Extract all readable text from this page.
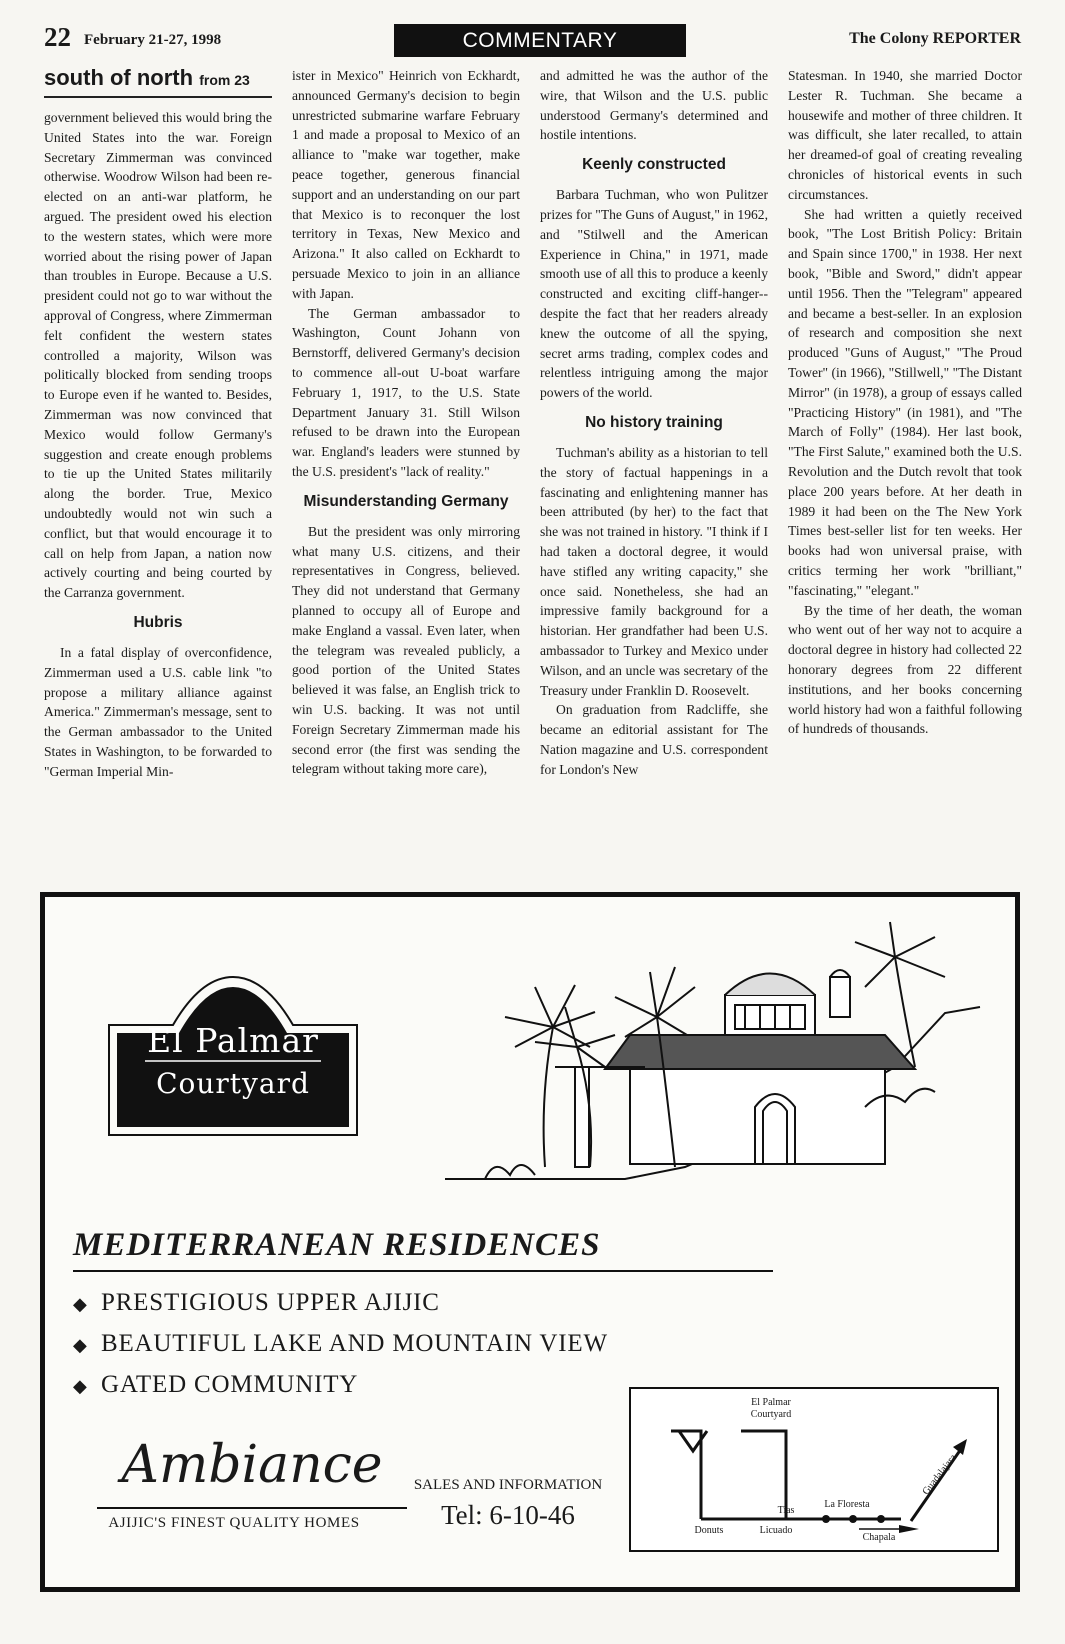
22 February 21-27, 1998	COMMENTARY	The Colony REPORTER
south of north from 23

government believed this would bring the United States into the war. Foreign Secretary Zimmerman was convinced otherwise. Woodrow Wilson had been re-elected on an anti-war platform, he argued. The president owed his election to the western states, which were more worried about the rising power of Japan than troubles in Europe. Because a U.S. president could not go to war without the approval of Congress, where Zimmerman felt confident the western states controlled a majority, Wilson was politically blocked from sending troops to Europe even if he wanted to. Besides, Zimmerman was now convinced that Mexico would follow Germany's suggestion and create enough problems to tie up the United States militarily along the border. True, Mexico undoubtedly would not win such a conflict, but that would encourage it to call on help from Japan, a nation now actively courting and being courted by the Carranza government.

Hubris

In a fatal display of overconfidence, Zimmerman used a U.S. cable link "to propose a military alliance against America." Zimmerman's message, sent to the German ambassador to the United States in Washington, to be forwarded to "German Imperial Min-

ister in Mexico" Heinrich von Eckhardt, announced Germany's decision to begin unrestricted submarine warfare February 1 and made a proposal to Mexico of an alliance to "make war together, make peace together, generous financial support and an understanding on our part that Mexico is to reconquer the lost territory in Texas, New Mexico and Arizona." It also called on Eckhardt to persuade Mexico to join in an alliance with Japan.

The German ambassador to Washington, Count Johann von Bernstorff, delivered Germany's decision to commence all-out U-boat warfare February 1, 1917, to the U.S. State Department January 31. Still Wilson refused to be drawn into the European war. England's leaders were stunned by the U.S. president's "lack of reality."

Misunderstanding Germany

But the president was only mirroring what many U.S. citizens, and their representatives in Congress, believed. They did not understand that Germany planned to occupy all of Europe and make England a vassal. Even later, when the telegram was revealed publicly, a good portion of the United States believed it was false, an English trick to win U.S. backing. It was not until Foreign Secretary Zimmerman made his second error (the first was sending the telegram without taking more care),

and admitted he was the author of the wire, that Wilson and the U.S. public understood Germany's determined and hostile intentions.

Keenly constructed

Barbara Tuchman, who won Pulitzer prizes for "The Guns of August," in 1962, and "Stilwell and the American Experience in China," in 1971, made smooth use of all this to produce a keenly constructed and exciting cliff-hanger--despite the fact that her readers already knew the outcome of all the spying, secret arms trading, complex codes and relentless intriguing among the major powers of the world.

No history training

Tuchman's ability as a historian to tell the story of factual happenings in a fascinating and enlightening manner has been attributed (by her) to the fact that she was not trained in history. "I think if I had taken a doctoral degree, it would have stifled any writing capacity," she once said. Nonetheless, she had an impressive family background for a historian. Her grandfather had been U.S. ambassador to Turkey and Mexico under Wilson, and an uncle was secretary of the Treasury under Franklin D. Roosevelt.

On graduation from Radcliffe, she became an editorial assistant for The Nation magazine and U.S. correspondent for London's New

Statesman. In 1940, she married Doctor Lester R. Tuchman. She became a housewife and mother of three children. It was difficult, she later recalled, to attain her dreamed-of goal of creating revealing chronicles of historical events in such circumstances.

She had written a quietly received book, "The Lost British Policy: Britain and Spain since 1700," in 1938. Her next book, "Bible and Sword," didn't appear until 1956. Then the "Telegram" appeared and became a best-seller. In an explosion of research and composition she next produced "Guns of August," "The Proud Tower" (in 1966), "Stillwell," "The Distant Mirror" (in 1978), a group of essays called "Practicing History" (in 1981), and "The March of Folly" (1984). Her last book, "The First Salute," examined both the U.S. Revolution and the Dutch revolt that took place 200 years before. At her death in 1989 it had been on the The New York Times best-seller list for ten weeks. Her books had won universal praise, with critics terming her work "brilliant," "fascinating," "elegant."

By the time of her death, the woman who went out of her way not to acquire a doctoral degree in history had collected 22 honorary degrees from 22 different institutions, and her books concerning world history had won a faithful following of hundreds of thousands.

El Palmar
Courtyard
MEDITERRANEAN RESIDENCES
◆ PRESTIGIOUS UPPER AJIJIC
◆ BEAUTIFUL LAKE AND MOUNTAIN VIEW
◆ GATED COMMUNITY
Ambiance
AJIJIC'S FINEST QUALITY HOMES
SALES AND INFORMATION
Tel: 6-10-46
El Palmar Courtyard
Donuts
Tias
Licuado
La Floresta
Guadalajara
Chapala
